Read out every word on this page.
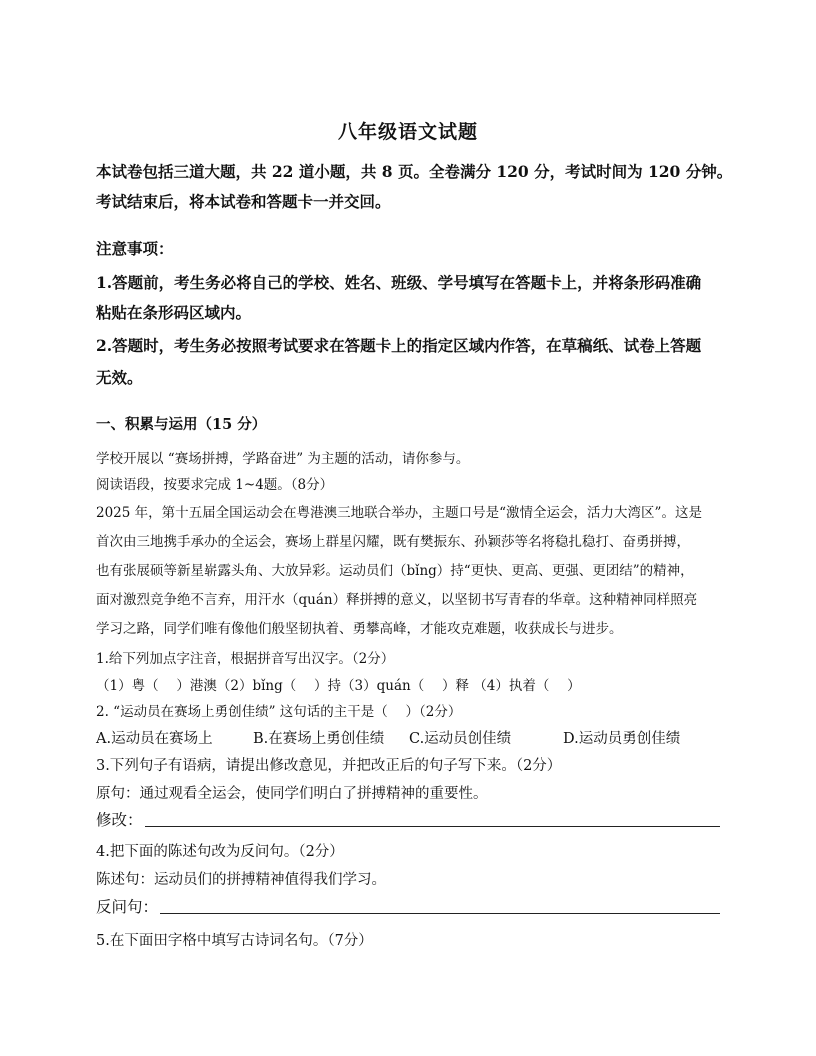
八年级语文试题
本试卷包括三道大题，共 22 道小题，共 8 页。全卷满分 120 分，考试时间为 120 分钟。
考试结束后，将本试卷和答题卡一并交回。
注意事项：
1.答题前，考生务必将自己的学校、姓名、班级、学号填写在答题卡上，并将条形码准确
粘贴在条形码区域内。
2.答题时，考生务必按照考试要求在答题卡上的指定区域内作答，在草稿纸、试卷上答题
无效。
一、积累与运用（15 分）
学校开展以 “赛场拼搏，学路奋进” 为主题的活动，请你参与。
阅读语段，按要求完成 1~4题。（8分）
2025 年，第十五届全国运动会在粤港澳三地联合举办，主题口号是“激情全运会，活力大湾区”。这是
首次由三地携手承办的全运会，赛场上群星闪耀，既有樊振东、孙颖莎等名将稳扎稳打、奋勇拼搏，
也有张展硕等新星崭露头角、大放异彩。运动员们（bǐng）持“更快、更高、更强、更团结”的精神，
面对激烈竞争绝不言弃，用汗水（quán）释拼搏的意义，以坚韧书写青春的华章。这种精神同样照亮
学习之路，同学们唯有像他们般坚韧执着、勇攀高峰，才能攻克难题，收获成长与进步。
1.给下列加点字注音，根据拼音写出汉字。（2分）
（1）粤（　 ）港澳（2）bǐng（　 ）持（3）quán（　 ）释 （4）执着（　 ）
2. “运动员在赛场上勇创佳绩” 这句话的主干是（　 ）（2分）
A.运动员在赛场上	B.在赛场上勇创佳绩 C.运动员创佳绩	D.运动员勇创佳绩
3.下列句子有语病，请提出修改意见，并把改正后的句子写下来。（2分）
原句：通过观看全运会，使同学们明白了拼搏精神的重要性。
修改：
4.把下面的陈述句改为反问句。（2分）
陈述句：运动员们的拼搏精神值得我们学习。
反问句：
5.在下面田字格中填写古诗词名句。（7分）
